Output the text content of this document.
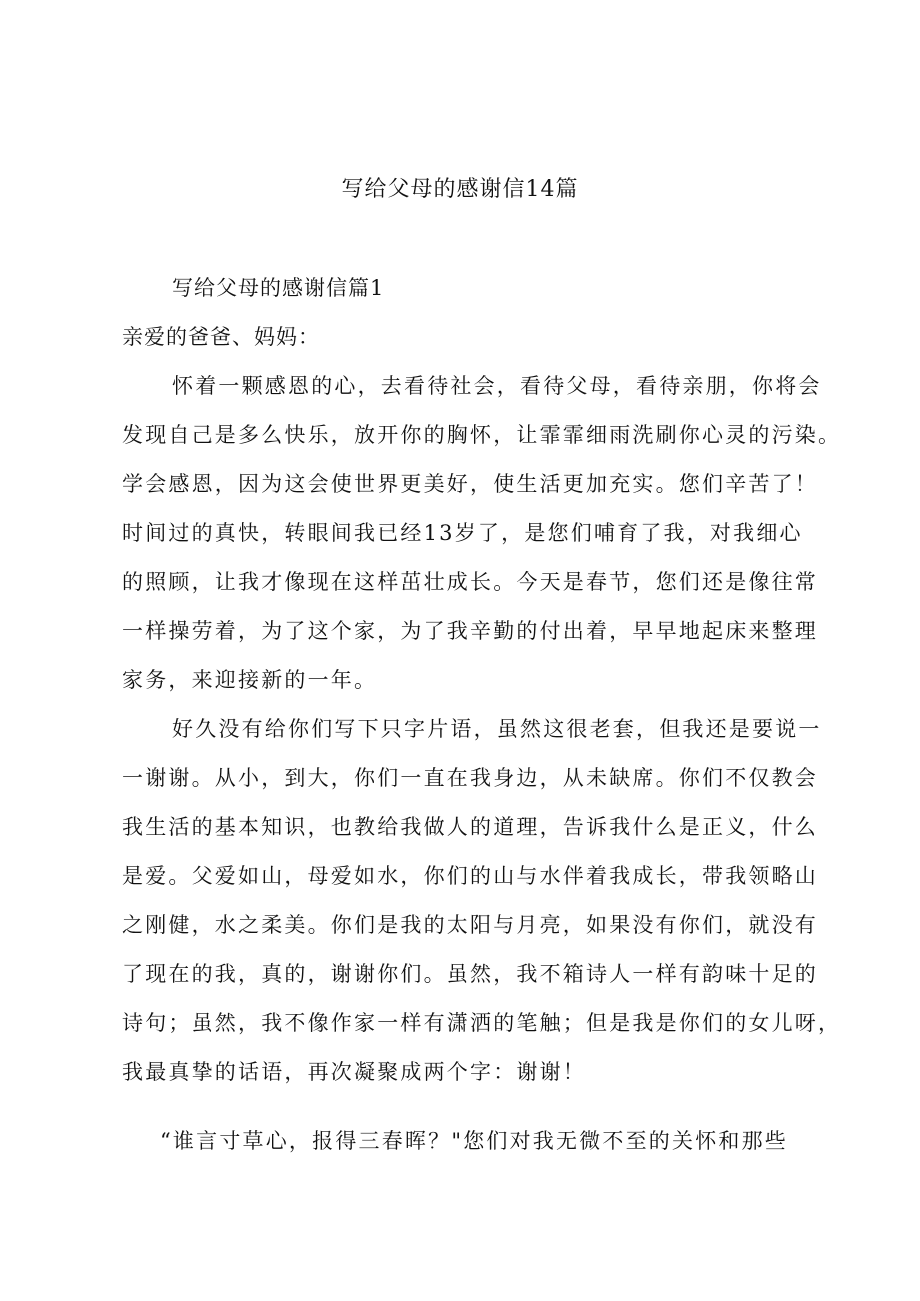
写给父母的感谢信14篇
写给父母的感谢信篇1
亲爱的爸爸、妈妈：
怀着一颗感恩的心，去看待社会，看待父母，看待亲朋，你将会
发现自己是多么快乐，放开你的胸怀，让霏霏细雨洗刷你心灵的污染。
学会感恩，因为这会使世界更美好，使生活更加充实。您们辛苦了！
时间过的真快，转眼间我已经13岁了，是您们哺育了我，对我细心
的照顾，让我才像现在这样茁壮成长。今天是春节，您们还是像往常
一样操劳着，为了这个家，为了我辛勤的付出着，早早地起床来整理
家务，来迎接新的一年。
好久没有给你们写下只字片语，虽然这很老套，但我还是要说一
一谢谢。从小，到大，你们一直在我身边，从未缺席。你们不仅教会
我生活的基本知识，也教给我做人的道理，告诉我什么是正义，什么
是爱。父爱如山，母爱如水，你们的山与水伴着我成长，带我领略山
之刚健，水之柔美。你们是我的太阳与月亮，如果没有你们，就没有
了现在的我，真的，谢谢你们。虽然，我不箱诗人一样有韵味十足的
诗句；虽然，我不像作家一样有潇洒的笔触；但是我是你们的女儿呀，
我最真挚的话语，再次凝聚成两个字：谢谢！
“谁言寸草心，报得三春晖？"您们对我无微不至的关怀和那些
